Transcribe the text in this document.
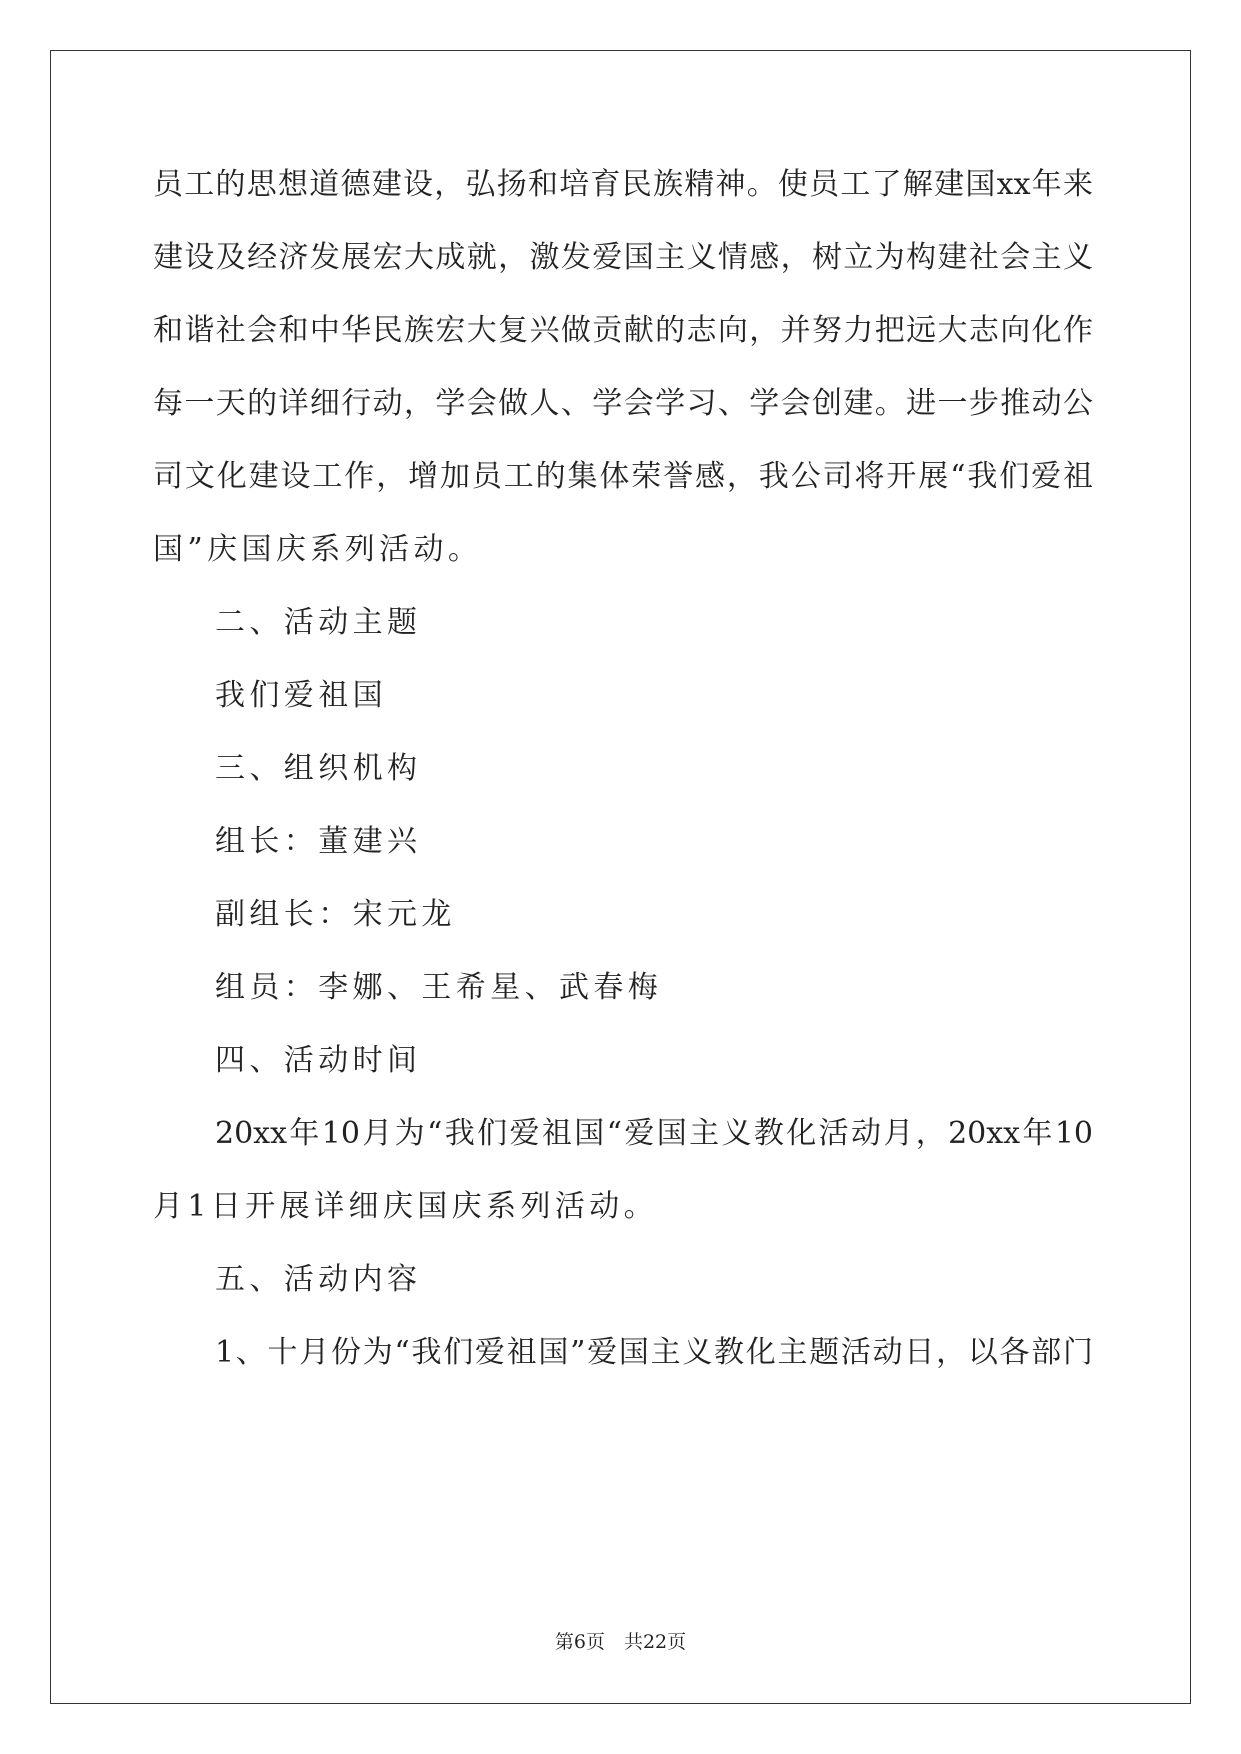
员工的思想道德建设，弘扬和培育民族精神。使员工了解建国xx年来
建设及经济发展宏大成就，激发爱国主义情感，树立为构建社会主义
和谐社会和中华民族宏大复兴做贡献的志向，并努力把远大志向化作
每一天的详细行动，学会做人、学会学习、学会创建。进一步推动公
司文化建设工作，增加员工的集体荣誉感，我公司将开展“我们爱祖
国”庆国庆系列活动。
二、活动主题
我们爱祖国
三、组织机构
组长：董建兴
副组长：宋元龙
组员：李娜、王希星、武春梅
四、活动时间
20xx年10月为“我们爱祖国“爱国主义教化活动月，20xx年10
月1日开展详细庆国庆系列活动。
五、活动内容
1、十月份为“我们爱祖国”爱国主义教化主题活动日，以各部门
第6页　共22页
